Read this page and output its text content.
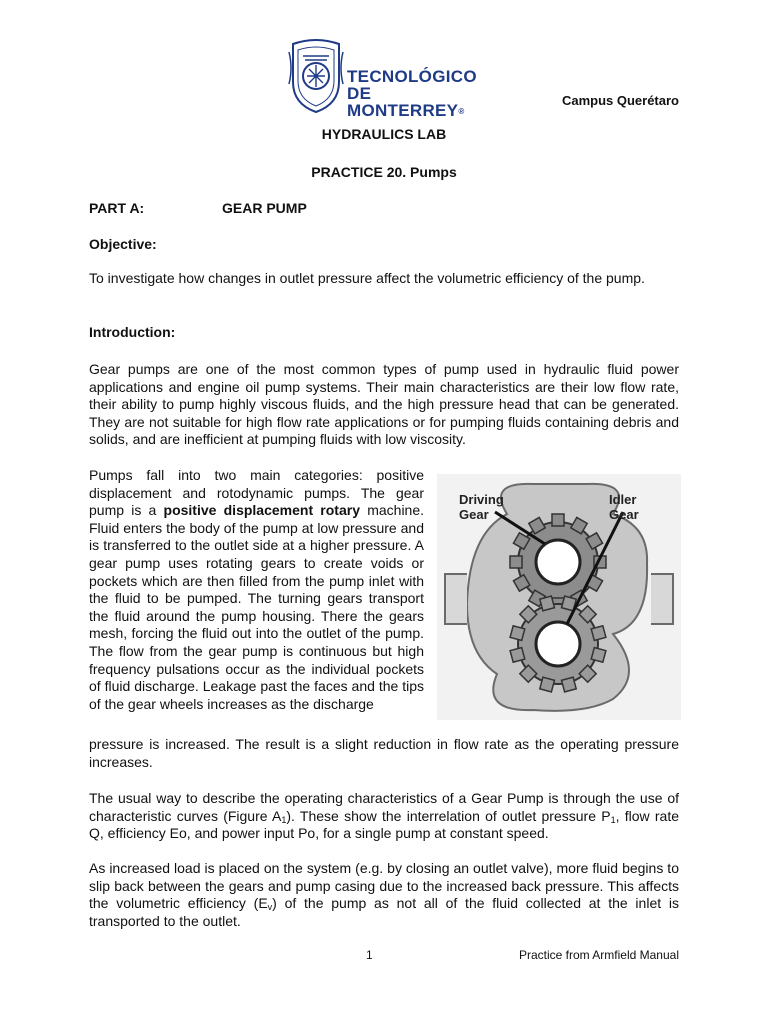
TECNOLÓGICO
DE MONTERREY®
Campus Querétaro
HYDRAULICS LAB
PRACTICE 20. Pumps
PART A:	GEAR PUMP
Objective:
To investigate how changes in outlet pressure affect the volumetric efficiency of the pump.
Introduction:
Gear pumps are one of the most common types of pump used in hydraulic fluid power applications and engine oil pump systems. Their main characteristics are their low flow rate, their ability to pump highly viscous fluids, and the high pressure head that can be generated. They are not suitable for high flow rate applications or for pumping fluids containing debris and solids, and are inefficient at pumping fluids with low viscosity.
Pumps fall into two main categories: positive displacement and rotodynamic pumps. The gear pump is a positive displacement rotary machine. Fluid enters the body of the pump at low pressure and is transferred to the outlet side at a higher pressure. A gear pump uses rotating gears to create voids or pockets which are then filled from the pump inlet with the fluid to be pumped. The turning gears transport the fluid around the pump housing. There the gears mesh, forcing the fluid out into the outlet of the pump. The flow from the gear pump is continuous but high frequency pulsations occur as the individual pockets of fluid discharge. Leakage past the faces and the tips of the gear wheels increases as the discharge
pressure is increased. The result is a slight reduction in flow rate as the operating pressure increases.
Driving
Gear
Idler
Gear
The usual way to describe the operating characteristics of a Gear Pump is through the use of characteristic curves (Figure $A_1$). These show the interrelation of outlet pressure $P_1$, flow rate Q, efficiency Eo, and power input Po, for a single pump at constant speed.
As increased load is placed on the system (e.g. by closing an outlet valve), more fluid begins to slip back between the gears and pump casing due to the increased back pressure. This affects the volumetric efficiency $(E_v)$ of the pump as not all of the fluid collected at the inlet is transported to the outlet.
1	Practice from Armfield Manual
